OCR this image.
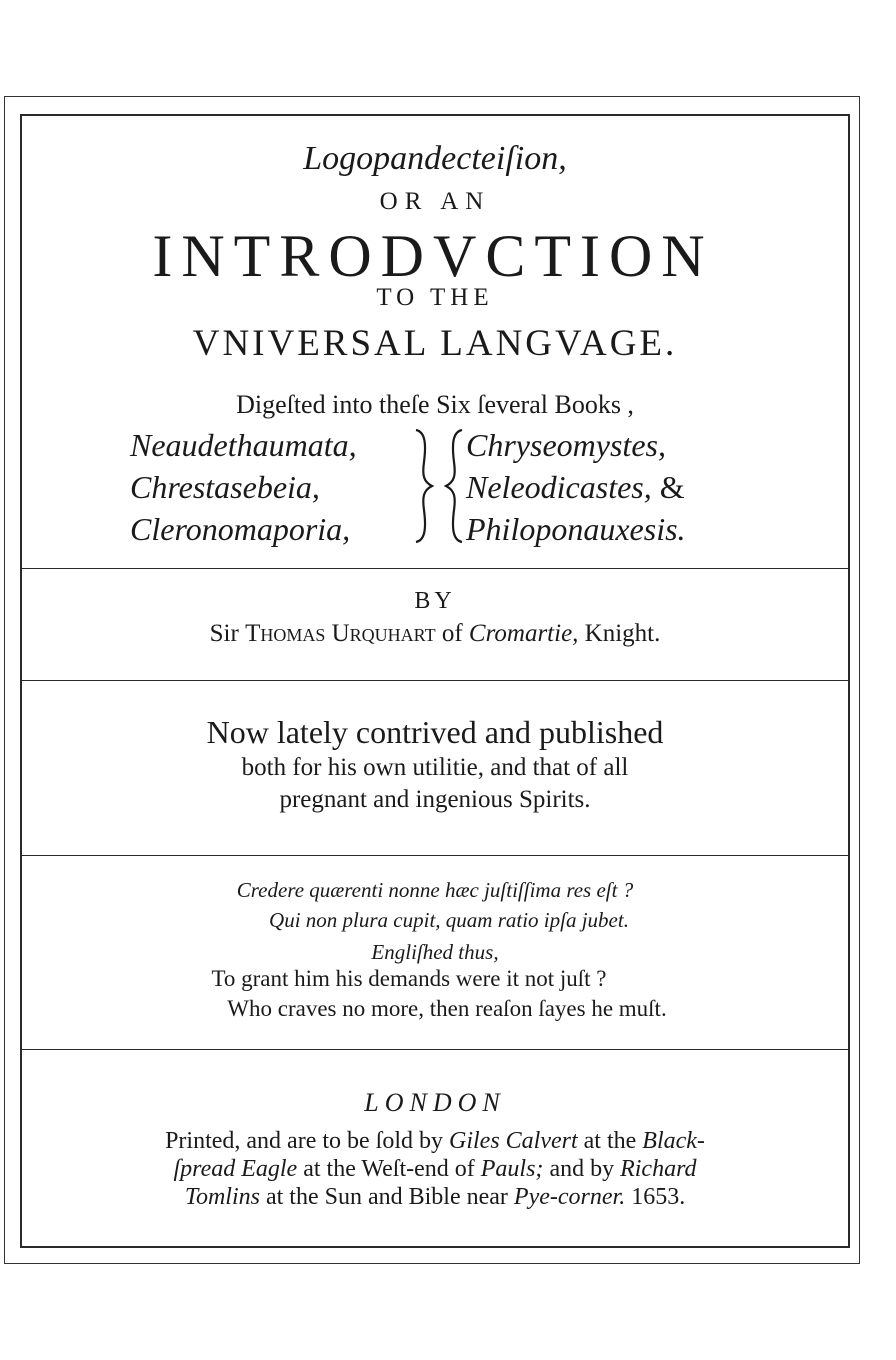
Logopandecteiſion,
OR AN
INTRODVCTION
TO THE
VNIVERSAL LANGVAGE.
Digeſted into theſe Six ſeveral Books ,
Neaudethaumata,
Chrestasebeia,
Cleronomaporia,
Chryseomystes,
Neleodicastes, &
Philoponauxesis.
BY
Sir Thomas Urquhart of Cromartie, Knight.
Now lately contrived and published
both for his own utilitie, and that of all
pregnant and ingenious Spirits.
Credere quærenti nonne hæc juſtiſſima res eſt ?
Qui non plura cupit, quam ratio ipſa jubet.
Engliſhed thus,
To grant him his demands were it not juſt ?
Who craves no more, then reaſon ſayes he muſt.
LONDON
Printed, and are to be ſold by Giles Calvert at the Black-
ſpread Eagle at the Weſt-end of Pauls; and by Richard
Tomlins at the Sun and Bible near Pye-corner. 1653.
